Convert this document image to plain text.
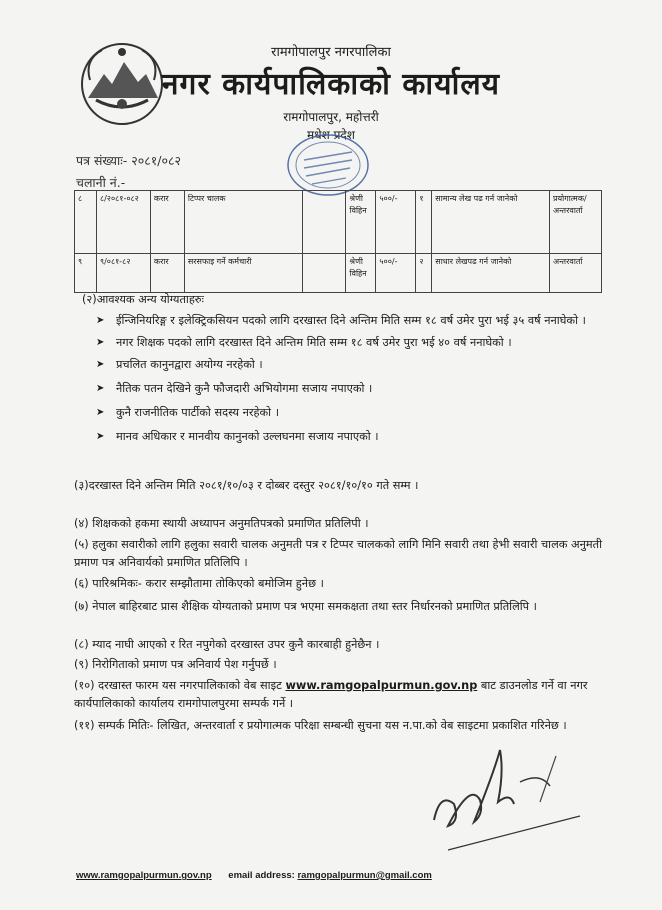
रामगोपालपुर नगरपालिका
नगर कार्यपालिकाको कार्यालय
रामगोपालपुर, महोत्तरी
मधेश प्रदेश
पत्र संख्याः- २०८१/०८२
चलानी नं.-
८	८/२०८१-०८२	करार	टिप्पर चालक		श्रेणी विहिन	५००/-	१	सामान्य लेख पढ गर्न जानेको	प्रयोगात्मक/अन्तरवार्ता
९	९/०८१-८२	करार	सरसफाइ गर्ने कर्मचारी		श्रेणी विहिन	५००/-	२	साधार लेखपढ गर्न जानेको	अन्तरवार्ता
(२)आवश्यक अन्य योग्यताहरुः
➤ ईन्जिनियरिङ्ग र इलेक्ट्रिकसियन पदको लागि दरखास्त दिने अन्तिम मिति सम्म १८ वर्ष उमेर पुरा भई ३५ वर्ष ननाघेको ।
➤ नगर शिक्षक पदको लागि दरखास्त दिने अन्तिम मिति सम्म १८ वर्ष उमेर पुरा भई ४० वर्ष ननाघेको ।
➤ प्रचलित कानुनद्वारा अयोग्य नरहेको ।
➤ नैतिक पतन देखिने कुनै फौजदारी अभियोगमा सजाय नपाएको ।
➤ कुनै राजनीतिक पार्टीको सदस्य नरहेको ।
➤ मानव अधिकार र मानवीय कानुनको उल्लघनमा सजाय नपाएको ।
(३)दरखास्त दिने अन्तिम मिति २०८१/१०/०३ र दोब्बर दस्तुर २०८१/१०/१० गते सम्म ।
(४) शिक्षकको हकमा स्थायी अध्यापन अनुमतिपत्रको प्रमाणित प्रतिलिपी ।
(५) हलुका सवारीको लागि हलुका सवारी चालक अनुमती पत्र र टिप्पर चालकको लागि मिनि सवारी तथा हेभी सवारी चालक अनुमती प्रमाण पत्र अनिवार्यको प्रमाणित प्रतिलिपि ।
(६) पारिश्रमिकः- करार सम्झौतामा तोकिएको बमोजिम हुनेछ ।
(७) नेपाल बाहिरबाट प्रास शैक्षिक योग्यताको प्रमाण पत्र भएमा समकक्षता तथा स्तर निर्धारनको प्रमाणित प्रतिलिपि ।
(८) म्याद नाघी आएको र रित नपुगेको दरखास्त उपर कुनै कारबाही हुनेछैन ।
(९) निरोगिताको प्रमाण पत्र अनिवार्य पेश गर्नुपर्छे ।
(१०) दरखास्त फारम यस नगरपालिकाको वेब साइट www.ramgopalpurmun.gov.np बाट डाउनलोड गर्ने वा नगर कार्यपालिकाको कार्यालय रामगोपालपुरमा सम्पर्क गर्ने ।
(११) सम्पर्क मितिः- लिखित, अन्तरवार्ता र प्रयोगात्मक परिक्षा सम्बन्धी सुचना यस न.पा.को वेब साइटमा प्रकाशित गरिनेछ ।
www.ramgopalpurmun.gov.np email address: ramgopalpurmun@gmail.com
